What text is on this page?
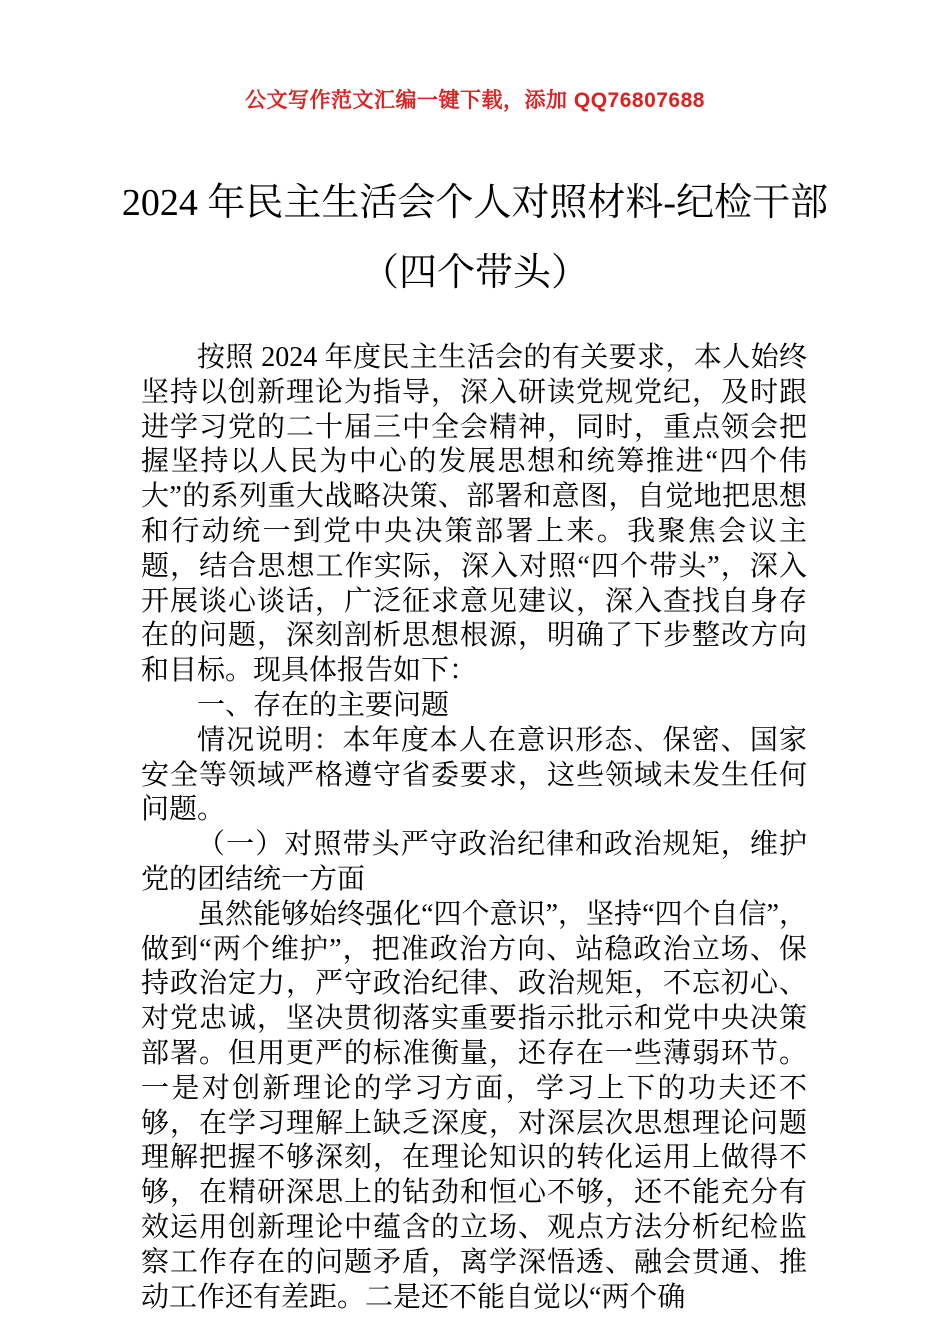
公文写作范文汇编一键下载，添加 QQ76807688
2024 年民主生活会个人对照材料-纪检干部
（四个带头）

按照 2024 年度民主生活会的有关要求，本人始终坚持以创新理论为指导，深入研读党规党纪，及时跟进学习党的二十届三中全会精神，同时，重点领会把握坚持以人民为中心的发展思想和统筹推进“四个伟大”的系列重大战略决策、部署和意图，自觉地把思想和行动统一到党中央决策部署上来。我聚焦会议主题，结合思想工作实际，深入对照“四个带头”，深入开展谈心谈话，广泛征求意见建议，深入查找自身存在的问题，深刻剖析思想根源，明确了下步整改方向和目标。现具体报告如下：

一、存在的主要问题

情况说明：本年度本人在意识形态、保密、国家安全等领域严格遵守省委要求，这些领域未发生任何问题。

（一）对照带头严守政治纪律和政治规矩，维护党的团结统一方面

虽然能够始终强化“四个意识”，坚持“四个自信”，做到“两个维护”，把准政治方向、站稳政治立场、保持政治定力，严守政治纪律、政治规矩，不忘初心、对党忠诚，坚决贯彻落实重要指示批示和党中央决策部署。但用更严的标准衡量，还存在一些薄弱环节。一是对创新理论的学习方面，学习上下的功夫还不够，在学习理解上缺乏深度，对深层次思想理论问题理解把握不够深刻，在理论知识的转化运用上做得不够，在精研深思上的钻劲和恒心不够，还不能充分有效运用创新理论中蕴含的立场、观点方法分析纪检监察工作存在的问题矛盾，离学深悟透、融会贯通、推动工作还有差距。二是还不能自觉以“两个确
